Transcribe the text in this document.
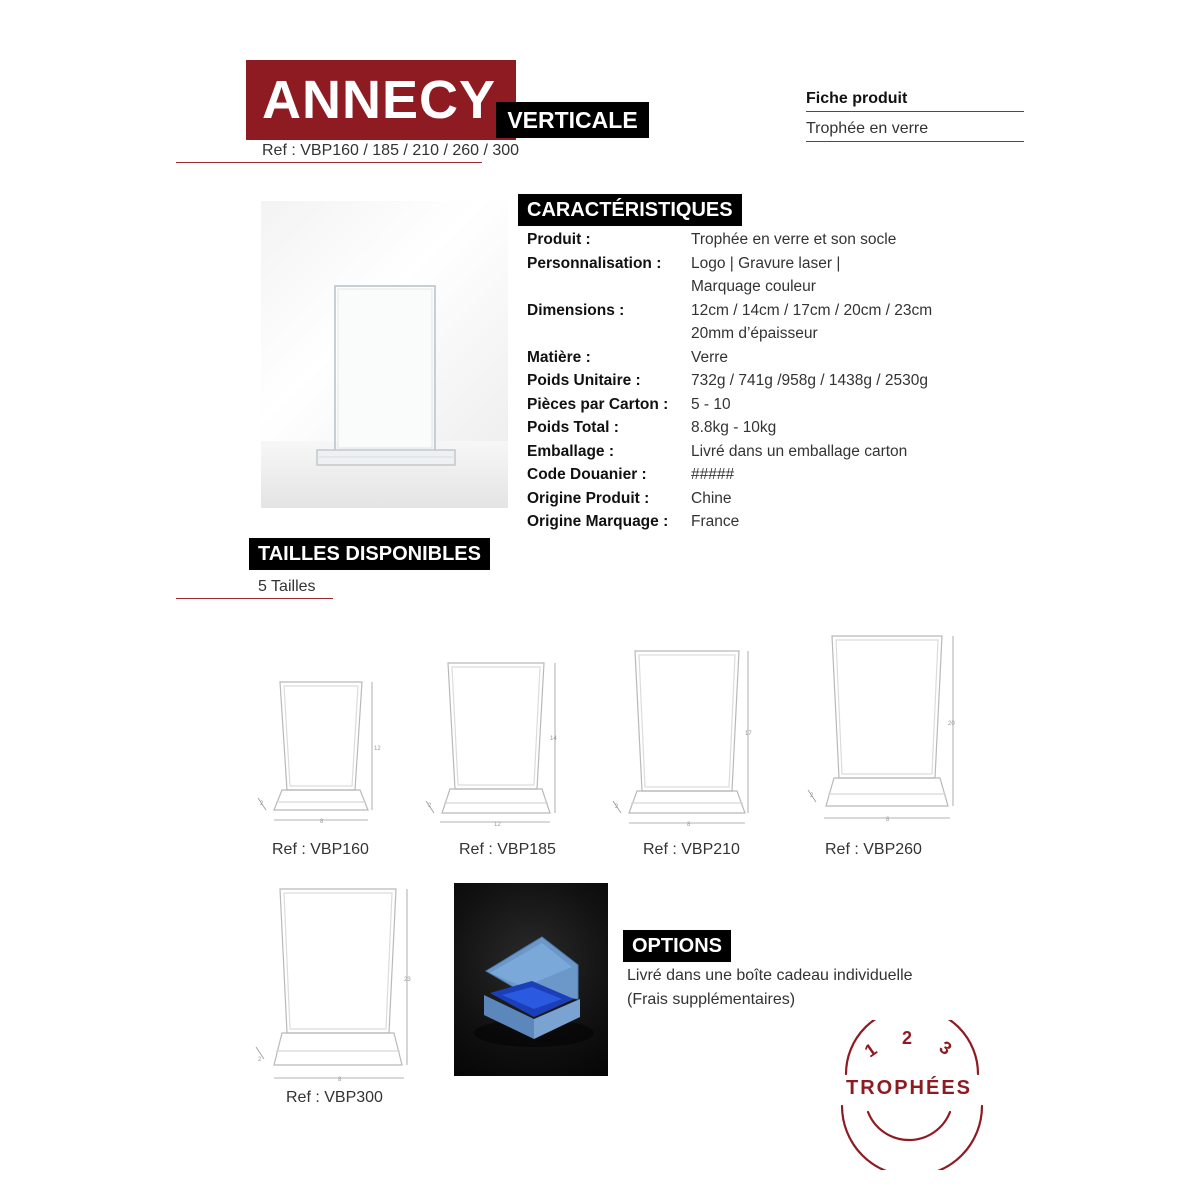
ANNECY VERTICALE
Ref : VBP160 / 185 / 210 / 260 / 300
Fiche produit
Trophée en verre
CARACTÉRISTIQUES
Produit :	Trophée en verre et son socle
Personnalisation : Logo | Gravure laser |
Marquage couleur
Dimensions :	12cm / 14cm / 17cm / 20cm / 23cm
20mm d’épaisseur
Matière :	Verre
Poids Unitaire :	732g / 741g /958g / 1438g / 2530g
Pièces par Carton : 5 - 10
Poids Total :	8.8kg - 10kg
Emballage :	Livré dans un emballage carton
Code Douanier :	#####
Origine Produit :	Chine
Origine Marquage : France
TAILLES DISPONIBLES
5 Tailles
12
8
2
Ref : VBP160
14
12
2
Ref : VBP185
17
8
2
Ref : VBP210
20
8
2
Ref : VBP260
23
8
2
Ref : VBP300
OPTIONS
Livré dans une boîte cadeau individuelle
(Frais supplémentaires)
1
2 3
TROPHÉES
